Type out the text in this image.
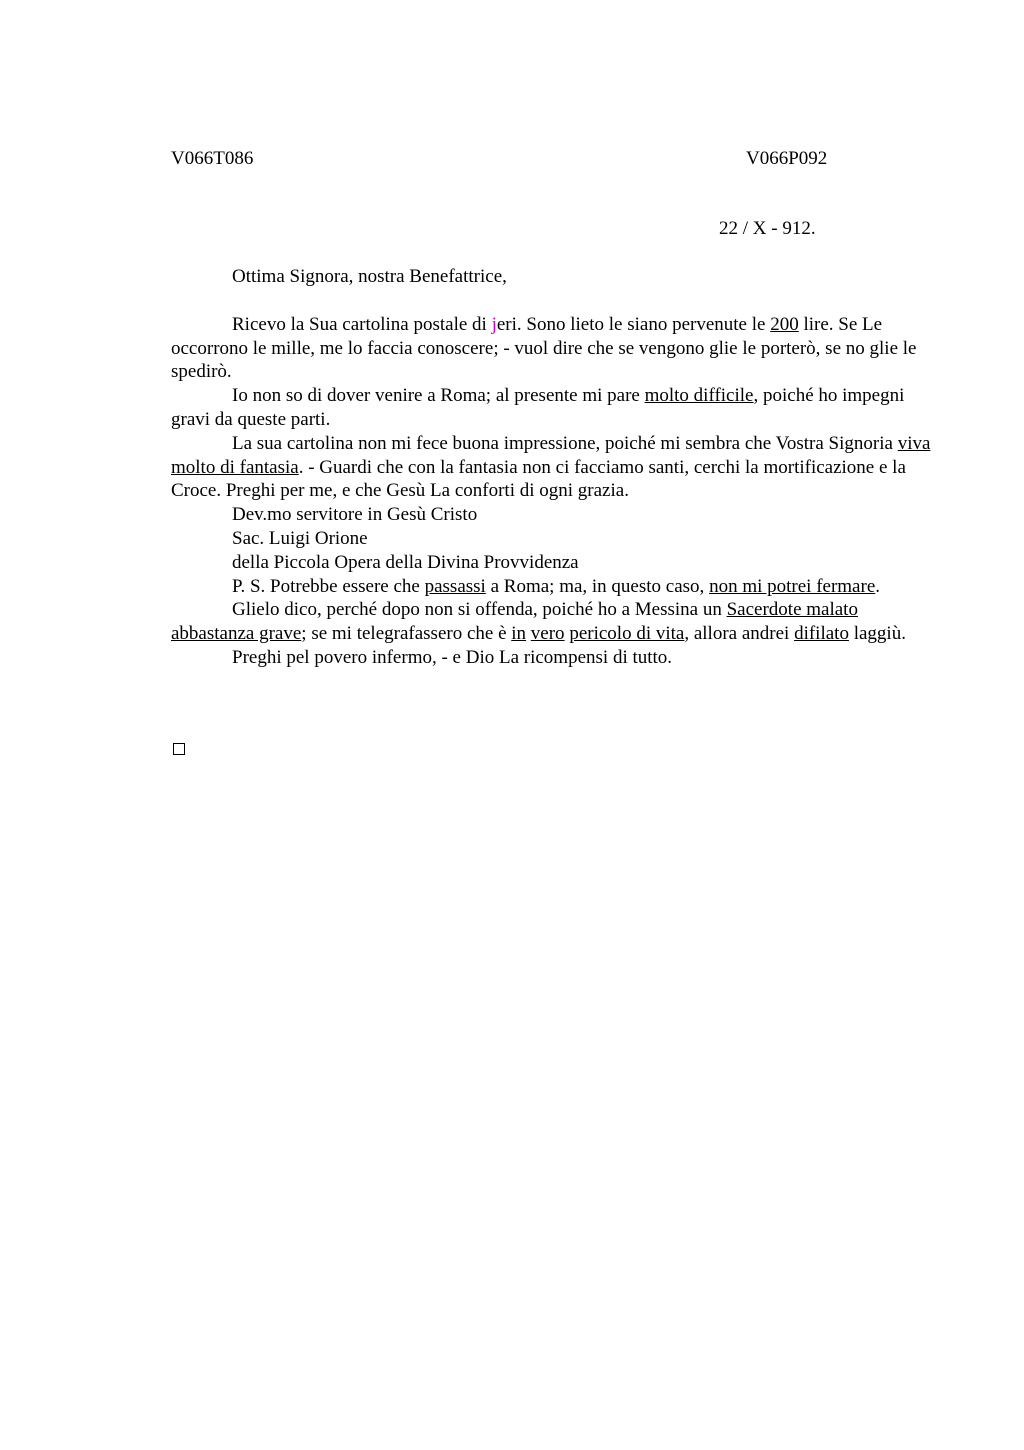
V066T086	V066P092
22 / X - 912.

Ottima Signora, nostra Benefattrice,

Ricevo la Sua cartolina postale di jeri. Sono lieto le siano pervenute le 200 lire. Se Le occorrono le mille, me lo faccia conoscere; - vuol dire che se vengono glie le porterò, se no glie le spedirò.

Io non so di dover venire a Roma; al presente mi pare molto difficile, poiché ho impegni gravi da queste parti.

La sua cartolina non mi fece buona impressione, poiché mi sembra che Vostra Signoria viva molto di fantasia. - Guardi che con la fantasia non ci facciamo santi, cerchi la mortificazione e la Croce. Preghi per me, e che Gesù La conforti di ogni grazia.

Dev.mo servitore in Gesù Cristo

Sac. Luigi Orione

della Piccola Opera della Divina Provvidenza

P. S. Potrebbe essere che passassi a Roma; ma, in questo caso, non mi potrei fermare.

Glielo dico, perché dopo non si offenda, poiché ho a Messina un Sacerdote malato abbastanza grave; se mi telegrafassero che è in vero pericolo di vita, allora andrei difilato laggiù.

Preghi pel povero infermo, - e Dio La ricompensi di tutto.
